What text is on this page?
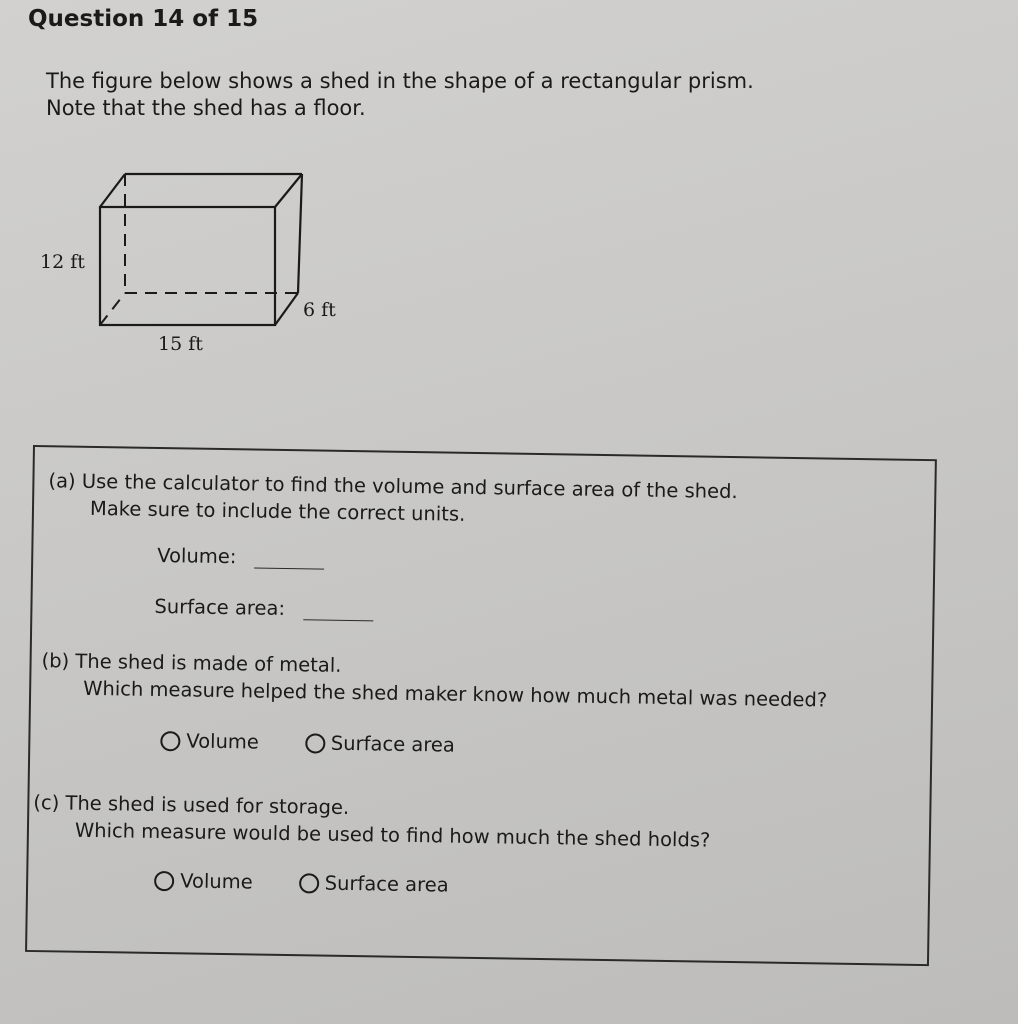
Question 14 of 15
The figure below shows a shed in the shape of a rectangular prism.
Note that the shed has a floor.
12 ft
6 ft
15 ft
(a) Use the calculator to find the volume and surface area of the shed.
Make sure to include the correct units.
Volume:
Surface area:
(b) The shed is made of metal.
Which measure helped the shed maker know how much metal was needed?
Volume	Surface area
(c) The shed is used for storage.
Which measure would be used to find how much the shed holds?
Volume	Surface area
